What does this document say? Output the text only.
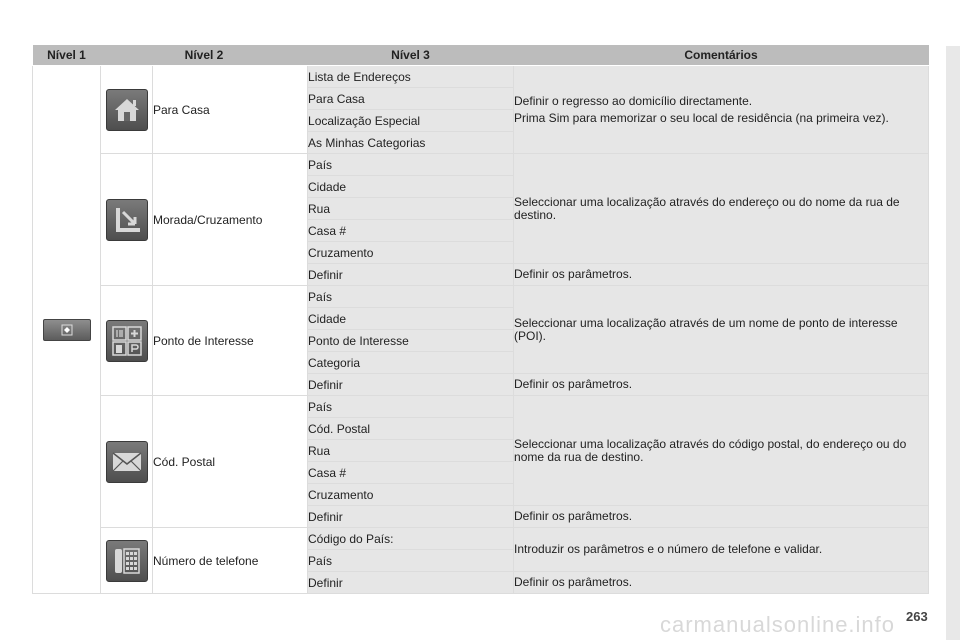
Nível 1	Nível 2		Nível 3	Comentários

	Para Casa	Lista de Endereços	Definir o regresso ao domicílio directamente.
Prima Sim para memorizar o seu local de residência (na primeira vez).

			Para Casa	
			Localização Especial	
			As Minhas Categorias	

	Morada/Cruzamento	País	Seleccionar uma localização através do endereço ou do nome da rua de destino.
			Cidade	
			Rua	
			Casa #	
			Cruzamento	
			Definir	Definir os parâmetros.

	Ponto de Interesse	País	Seleccionar uma localização através de um nome de ponto de interesse (POI).
			Cidade	
			Ponto de Interesse	
			Categoria	
			Definir	Definir os parâmetros.

	Cód. Postal	País	Seleccionar uma localização através do código postal, do endereço ou do nome da rua de destino.
			Cód. Postal	
			Rua	
			Casa #	
			Cruzamento	
			Definir	Definir os parâmetros.

	Número de telefone	Código do País:	Introduzir os parâmetros e o número de telefone e validar.
			País	
			Definir	Definir os parâmetros.
carmanualsonline.info 263
